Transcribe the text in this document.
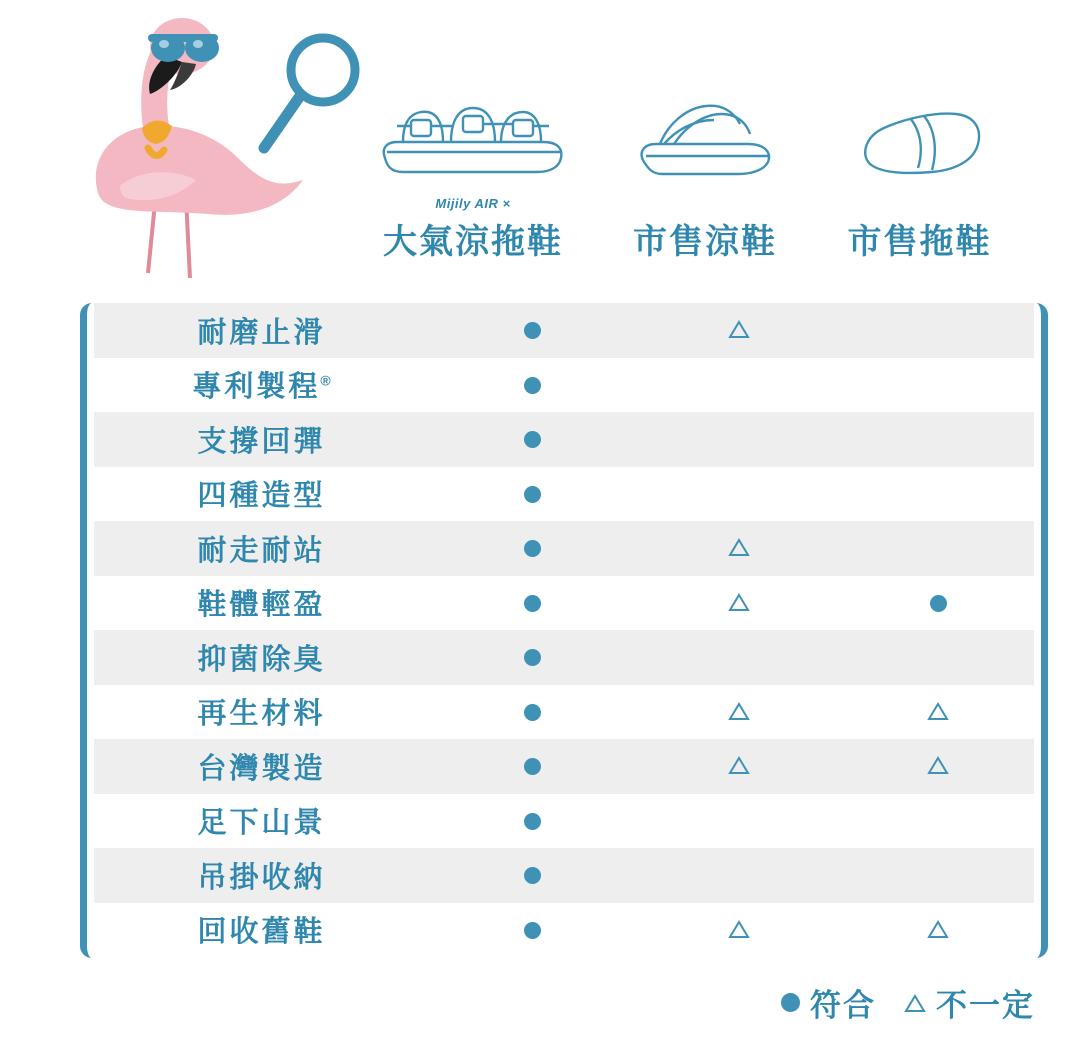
Mijily AIR ×
大氣涼拖鞋	市售涼鞋	市售拖鞋
耐磨止滑
專利製程®
支撐回彈
四種造型
耐走耐站
鞋體輕盈
抑菌除臭
再生材料
台灣製造
足下山景
吊掛收納
回收舊鞋
符合 不一定
